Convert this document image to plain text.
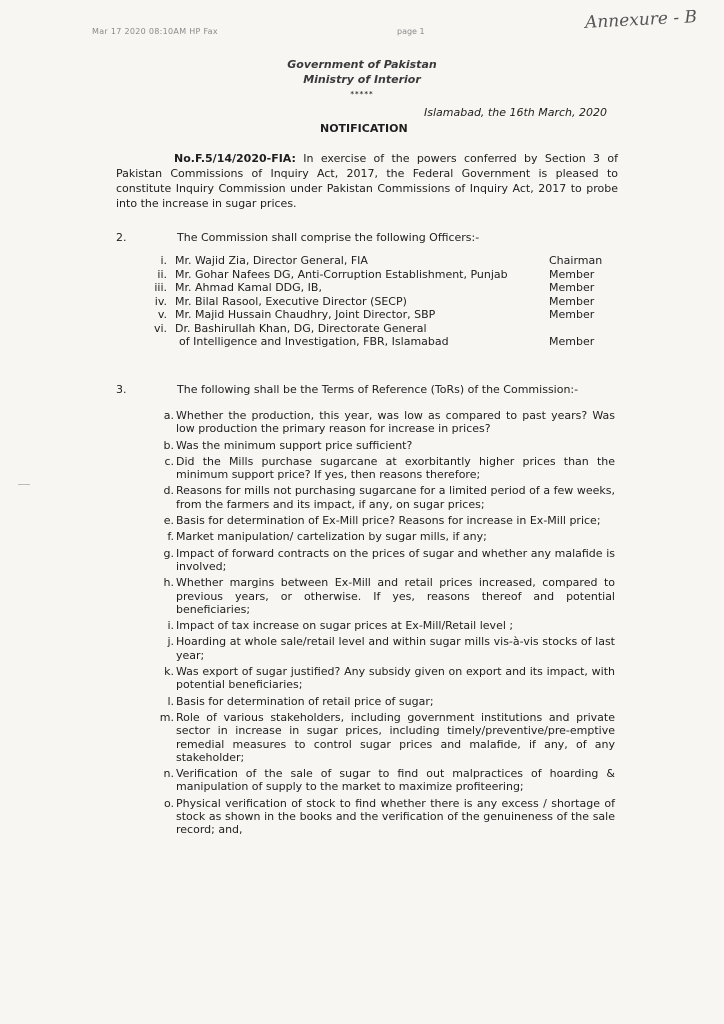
Mar 17 2020 08:10AM HP Fax	page 1	Annexure - B
Government of Pakistan
Ministry of Interior
*****
Islamabad, the 16th March, 2020
NOTIFICATION
No.F.5/14/2020-FIA: In exercise of the powers conferred by Section 3 of Pakistan Commissions of Inquiry Act, 2017, the Federal Government is pleased to constitute Inquiry Commission under Pakistan Commissions of Inquiry Act, 2017 to probe into the increase in sugar prices.
2.	The Commission shall comprise the following Officers:-
i. Mr. Wajid Zia, Director General, FIA	Chairman
ii. Mr. Gohar Nafees DG, Anti-Corruption Establishment, Punjab	Member
iii. Mr. Ahmad Kamal DDG, IB,	Member
iv. Mr. Bilal Rasool, Executive Director (SECP)	Member
v. Mr. Majid Hussain Chaudhry, Joint Director, SBP	Member
vi. Dr. Bashirullah Khan, DG, Directorate General
of Intelligence and Investigation, FBR, Islamabad	Member
3.	The following shall be the Terms of Reference (ToRs) of the Commission:-
a. Whether the production, this year, was low as compared to past years? Was low production the primary reason for increase in prices?
b. Was the minimum support price sufficient?
c. Did the Mills purchase sugarcane at exorbitantly higher prices than the minimum support price? If yes, then reasons therefore;
d. Reasons for mills not purchasing sugarcane for a limited period of a few weeks, from the farmers and its impact, if any, on sugar prices;
e. Basis for determination of Ex-Mill price? Reasons for increase in Ex-Mill price;
f. Market manipulation/ cartelization by sugar mills, if any;
g. Impact of forward contracts on the prices of sugar and whether any malafide is involved;
h. Whether margins between Ex-Mill and retail prices increased, compared to previous years, or otherwise. If yes, reasons thereof and potential beneficiaries;
i. Impact of tax increase on sugar prices at Ex-Mill/Retail level ;
j. Hoarding at whole sale/retail level and within sugar mills vis-à-vis stocks of last year;
k. Was export of sugar justified? Any subsidy given on export and its impact, with potential beneficiaries;
l. Basis for determination of retail price of sugar;
m. Role of various stakeholders, including government institutions and private sector in increase in sugar prices, including timely/preventive/pre-emptive remedial measures to control sugar prices and malafide, if any, of any stakeholder;
n. Verification of the sale of sugar to find out malpractices of hoarding & manipulation of supply to the market to maximize profiteering;
o. Physical verification of stock to find whether there is any excess / shortage of stock as shown in the books and the verification of the genuineness of the sale record; and,
